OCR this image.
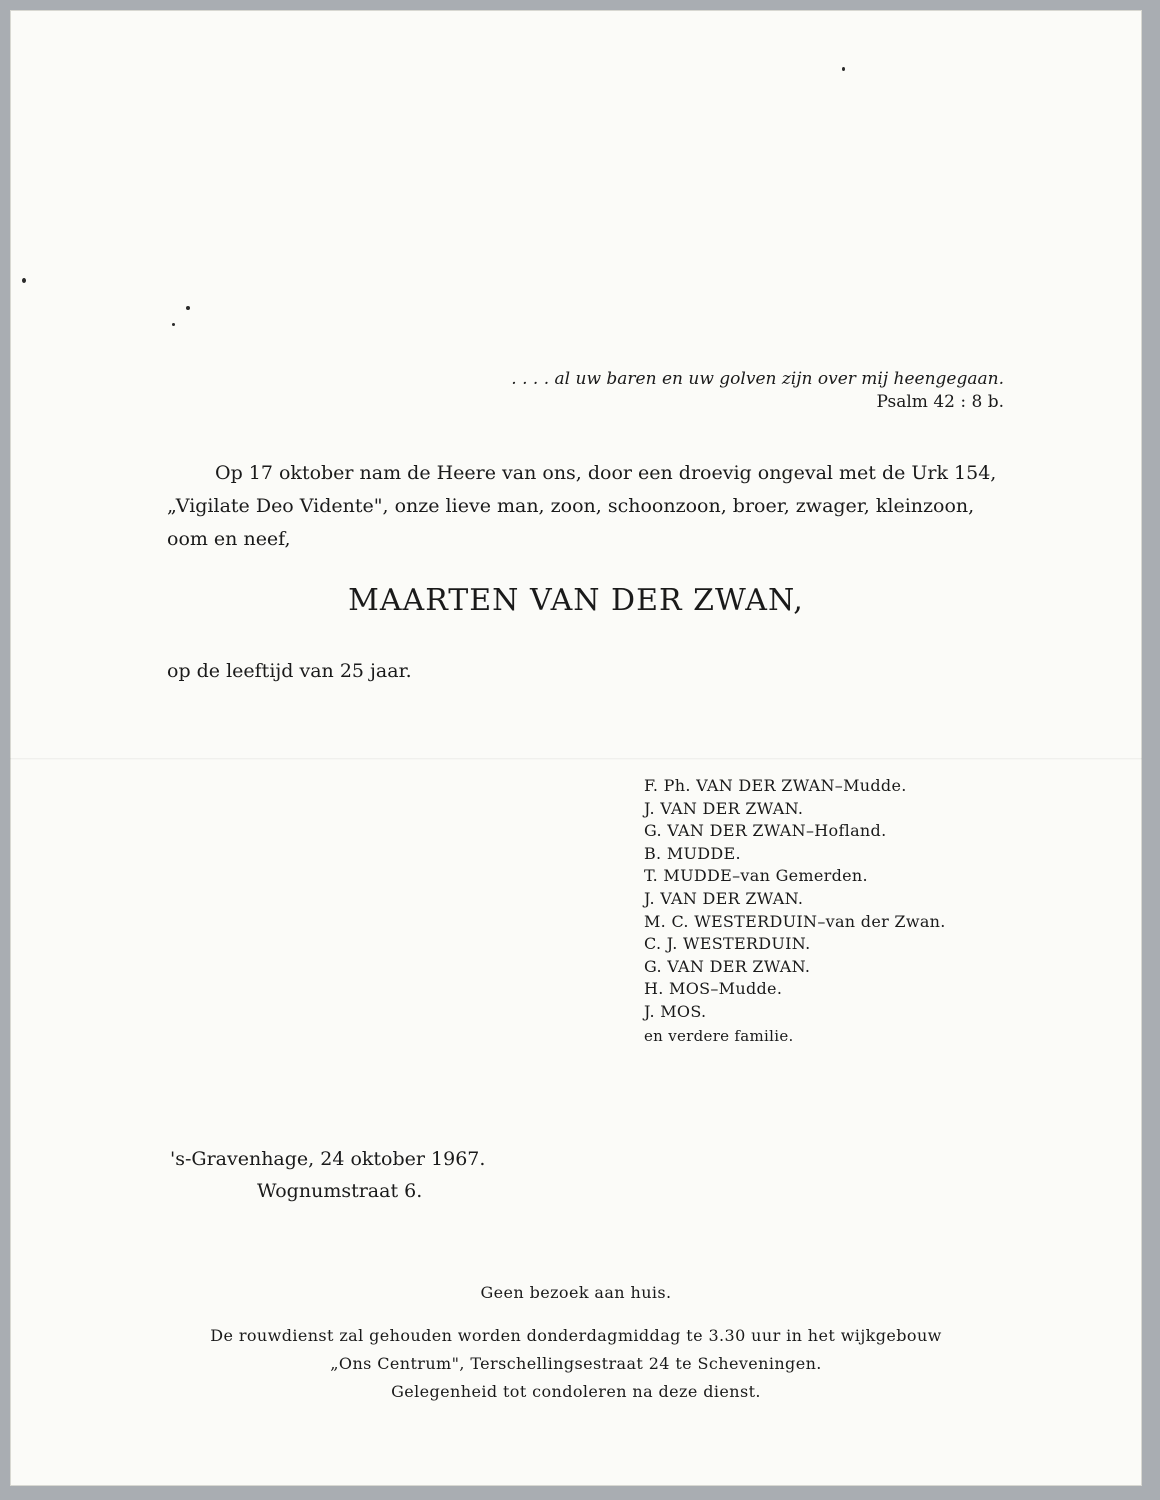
. . . . al uw baren en uw golven zijn over mij heengegaan.
Psalm 42 : 8 b.
Op 17 oktober nam de Heere van ons, door een droevig ongeval met de Urk 154,
„Vigilate Deo Vidente", onze lieve man, zoon, schoonzoon, broer, zwager, kleinzoon,
oom en neef,
MAARTEN VAN DER ZWAN,
op de leeftijd van 25 jaar.
F. Ph. VAN DER ZWAN–Mudde.
J. VAN DER ZWAN.
G. VAN DER ZWAN–Hofland.
B. MUDDE.
T. MUDDE–van Gemerden.
J. VAN DER ZWAN.
M. C. WESTERDUIN–van der Zwan.
C. J. WESTERDUIN.
G. VAN DER ZWAN.
H. MOS–Mudde.
J. MOS.
en verdere familie.
's-Gravenhage, 24 oktober 1967.
Wognumstraat 6.
Geen bezoek aan huis.
De rouwdienst zal gehouden worden donderdagmiddag te 3.30 uur in het wijkgebouw
„Ons Centrum", Terschellingsestraat 24 te Scheveningen.
Gelegenheid tot condoleren na deze dienst.
